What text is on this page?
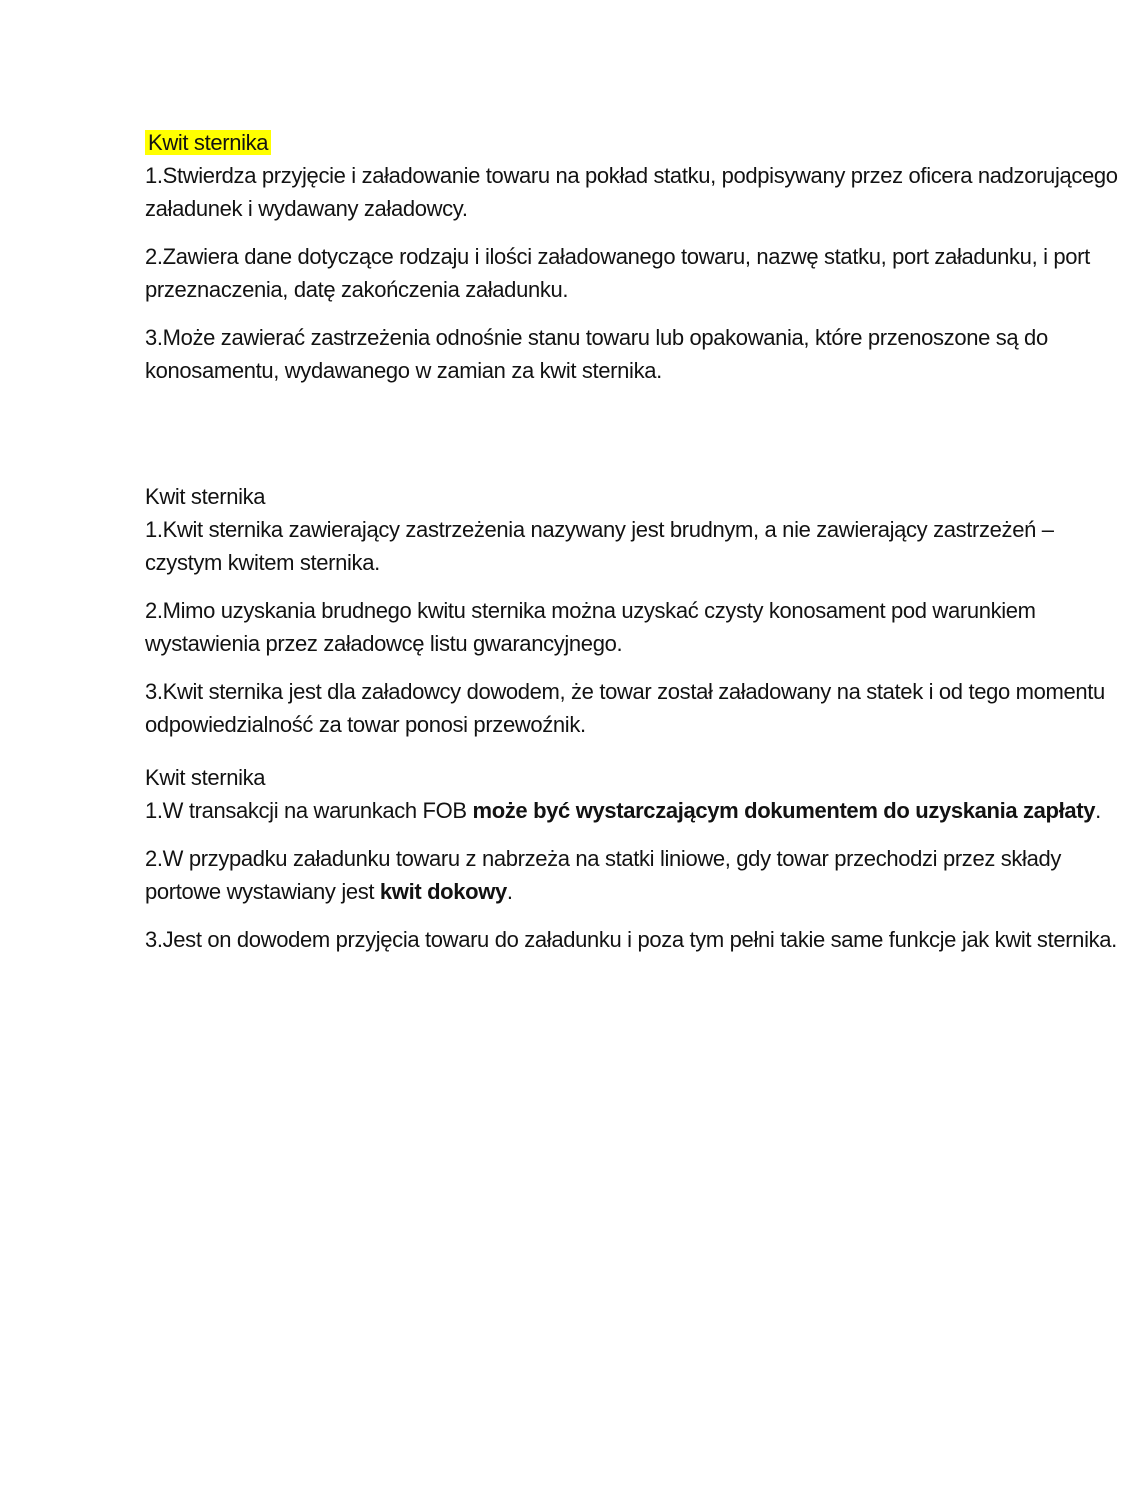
Kwit sternika

1.Stwierdza przyjęcie i załadowanie towaru na pokład statku, podpisywany przez oficera nadzorującego załadunek i wydawany załadowcy.

2.Zawiera dane dotyczące rodzaju i ilości załadowanego towaru, nazwę statku, port załadunku, i port przeznaczenia, datę zakończenia załadunku.

3.Może zawierać zastrzeżenia odnośnie stanu towaru lub opakowania, które przenoszone są do konosamentu, wydawanego w zamian za kwit sternika.

Kwit sternika

1.Kwit sternika zawierający zastrzeżenia nazywany jest brudnym, a nie zawierający zastrzeżeń – czystym kwitem sternika.

2.Mimo uzyskania brudnego kwitu sternika można uzyskać czysty konosament pod warunkiem wystawienia przez załadowcę listu gwarancyjnego.

3.Kwit sternika jest dla załadowcy dowodem, że towar został załadowany na statek i od tego momentu odpowiedzialność za towar ponosi przewoźnik.

Kwit sternika

1.W transakcji na warunkach FOB może być wystarczającym dokumentem do uzyskania zapłaty.

2.W przypadku załadunku towaru z nabrzeża na statki liniowe, gdy towar przechodzi przez składy portowe wystawiany jest kwit dokowy.

3.Jest on dowodem przyjęcia towaru do załadunku i poza tym pełni takie same funkcje jak kwit sternika.
